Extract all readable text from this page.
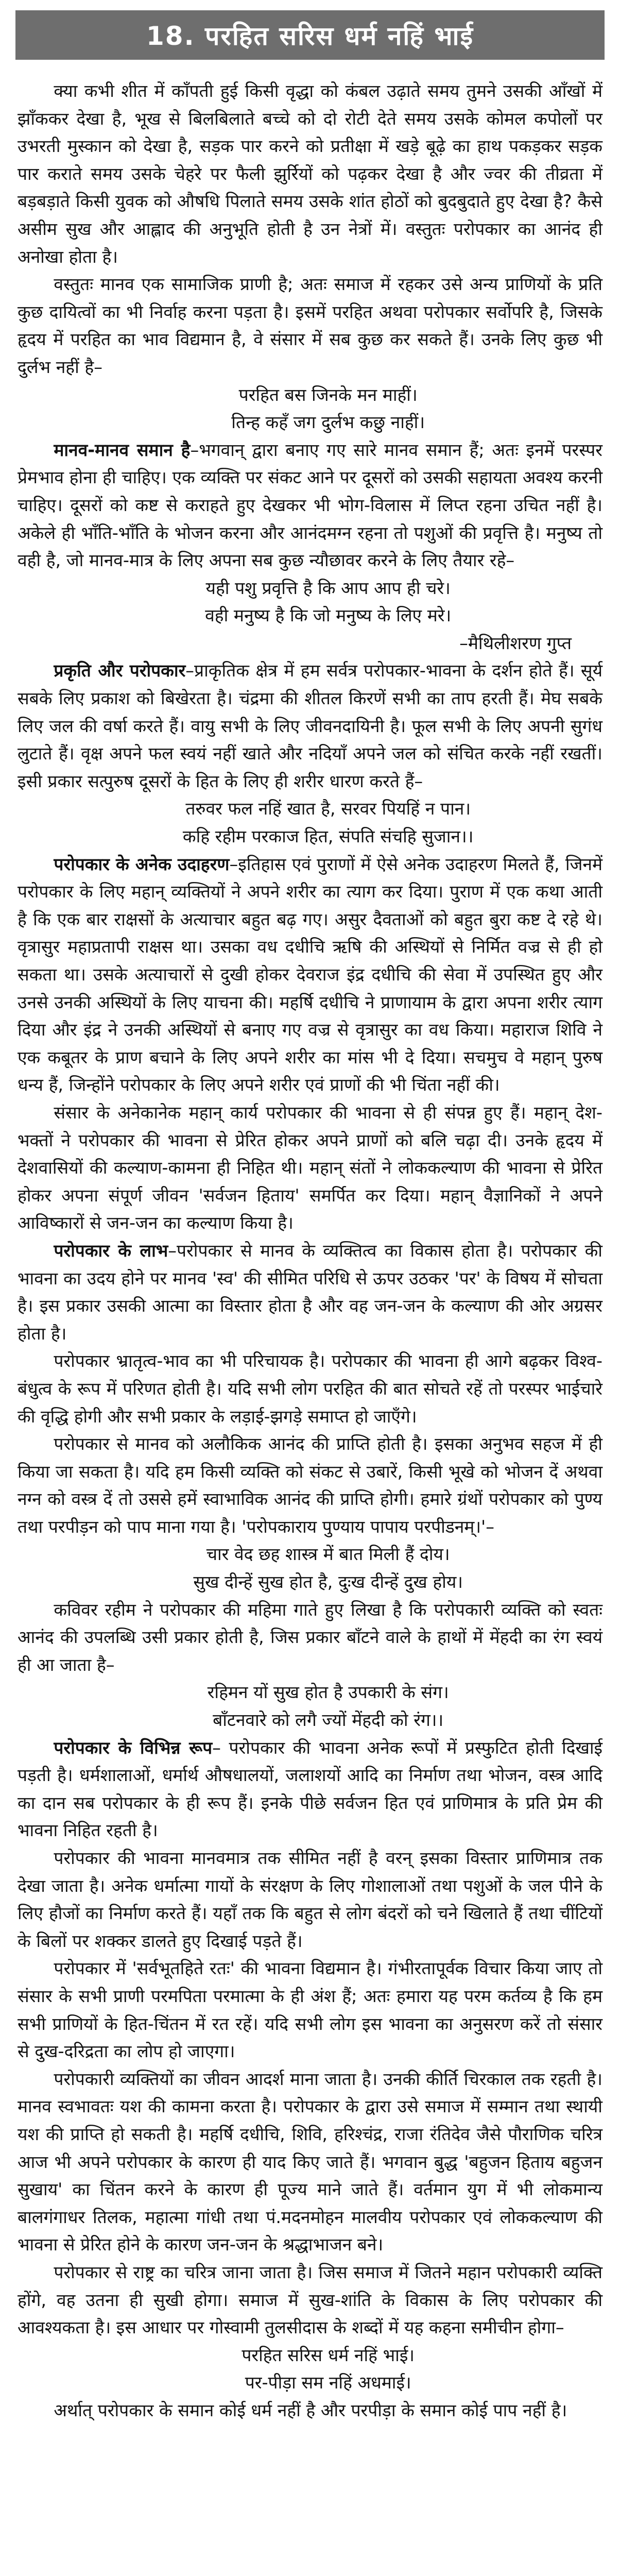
18. परहित सरिस धर्म नहिं भाई

क्या कभी शीत में काँपती हुई किसी वृद्धा को कंबल उढ़ाते समय तुमने उसकी आँखों में झाँककर देखा है, भूख से बिलबिलाते बच्चे को दो रोटी देते समय उसके कोमल कपोलों पर उभरती मुस्कान को देखा है, सड़क पार करने को प्रतीक्षा में खड़े बूढ़े का हाथ पकड़कर सड़क पार कराते समय उसके चेहरे पर फैली झुर्रियों को पढ़कर देखा है और ज्वर की तीव्रता में बड़बड़ाते किसी युवक को औषधि पिलाते समय उसके शांत होठों को बुदबुदाते हुए देखा है? कैसे असीम सुख और आह्लाद की अनुभूति होती है उन नेत्रों में। वस्तुतः परोपकार का आनंद ही अनोखा होता है।

वस्तुतः मानव एक सामाजिक प्राणी है; अतः समाज में रहकर उसे अन्य प्राणियों के प्रति कुछ दायित्वों का भी निर्वाह करना पड़ता है। इसमें परहित अथवा परोपकार सर्वोपरि है, जिसके हृदय में परहित का भाव विद्यमान है, वे संसार में सब कुछ कर सकते हैं। उनके लिए कुछ भी दुर्लभ नहीं है–

परहित बस जिनके मन माहीं।

तिन्ह कहँ जग दुर्लभ कछु नाहीं।

मानव-मानव समान है–भगवान् द्वारा बनाए गए सारे मानव समान हैं; अतः इनमें परस्पर प्रेमभाव होना ही चाहिए। एक व्यक्ति पर संकट आने पर दूसरों को उसकी सहायता अवश्य करनी चाहिए। दूसरों को कष्ट से कराहते हुए देखकर भी भोग-विलास में लिप्त रहना उचित नहीं है। अकेले ही भाँति-भाँति के भोजन करना और आनंदमग्न रहना तो पशुओं की प्रवृत्ति है। मनुष्य तो वही है, जो मानव-मात्र के लिए अपना सब कुछ न्यौछावर करने के लिए तैयार रहे–

यही पशु प्रवृत्ति है कि आप आप ही चरे।

वही मनुष्य है कि जो मनुष्य के लिए मरे।

–मैथिलीशरण गुप्त

प्रकृति और परोपकार–प्राकृतिक क्षेत्र में हम सर्वत्र परोपकार-भावना के दर्शन होते हैं। सूर्य सबके लिए प्रकाश को बिखेरता है। चंद्रमा की शीतल किरणें सभी का ताप हरती हैं। मेघ सबके लिए जल की वर्षा करते हैं। वायु सभी के लिए जीवनदायिनी है। फूल सभी के लिए अपनी सुगंध लुटाते हैं। वृक्ष अपने फल स्वयं नहीं खाते और नदियाँ अपने जल को संचित करके नहीं रखतीं। इसी प्रकार सत्पुरुष दूसरों के हित के लिए ही शरीर धारण करते हैं–

तरुवर फल नहिं खात है, सरवर पियहिं न पान।

कहि रहीम परकाज हित, संपति संचहि सुजान।।

परोपकार के अनेक उदाहरण–इतिहास एवं पुराणों में ऐसे अनेक उदाहरण मिलते हैं, जिनमें परोपकार के लिए महान् व्यक्तियों ने अपने शरीर का त्याग कर दिया। पुराण में एक कथा आती है कि एक बार राक्षसों के अत्याचार बहुत बढ़ गए। असुर दैवताओं को बहुत बुरा कष्ट दे रहे थे। वृत्रासुर महाप्रतापी राक्षस था। उसका वध दधीचि ऋषि की अस्थियों से निर्मित वज्र से ही हो सकता था। उसके अत्याचारों से दुखी होकर देवराज इंद्र दधीचि की सेवा में उपस्थित हुए और उनसे उनकी अस्थियों के लिए याचना की। महर्षि दधीचि ने प्राणायाम के द्वारा अपना शरीर त्याग दिया और इंद्र ने उनकी अस्थियों से बनाए गए वज्र से वृत्रासुर का वध किया। महाराज शिवि ने एक कबूतर के प्राण बचाने के लिए अपने शरीर का मांस भी दे दिया। सचमुच वे महान् पुरुष धन्य हैं, जिन्होंने परोपकार के लिए अपने शरीर एवं प्राणों की भी चिंता नहीं की।

संसार के अनेकानेक महान् कार्य परोपकार की भावना से ही संपन्न हुए हैं। महान् देश-भक्तों ने परोपकार की भावना से प्रेरित होकर अपने प्राणों को बलि चढ़ा दी। उनके हृदय में देशवासियों की कल्याण-कामना ही निहित थी। महान् संतों ने लोककल्याण की भावना से प्रेरित होकर अपना संपूर्ण जीवन 'सर्वजन हिताय' समर्पित कर दिया। महान् वैज्ञानिकों ने अपने आविष्कारों से जन-जन का कल्याण किया है।

परोपकार के लाभ–परोपकार से मानव के व्यक्तित्व का विकास होता है। परोपकार की भावना का उदय होने पर मानव 'स्व' की सीमित परिधि से ऊपर उठकर 'पर' के विषय में सोचता है। इस प्रकार उसकी आत्मा का विस्तार होता है और वह जन-जन के कल्याण की ओर अग्रसर होता है।

परोपकार भ्रातृत्व-भाव का भी परिचायक है। परोपकार की भावना ही आगे बढ़कर विश्व-बंधुत्व के रूप में परिणत होती है। यदि सभी लोग परहित की बात सोचते रहें तो परस्पर भाईचारे की वृद्धि होगी और सभी प्रकार के लड़ाई-झगड़े समाप्त हो जाएँगे।

परोपकार से मानव को अलौकिक आनंद की प्राप्ति होती है। इसका अनुभव सहज में ही किया जा सकता है। यदि हम किसी व्यक्ति को संकट से उबारें, किसी भूखे को भोजन दें अथवा नग्न को वस्त्र दें तो उससे हमें स्वाभाविक आनंद की प्राप्ति होगी। हमारे ग्रंथों परोपकार को पुण्य तथा परपीड़न को पाप माना गया है। 'परोपकाराय पुण्याय पापाय परपीडनम्।'–

चार वेद छह शास्त्र में बात मिली हैं दोय।

सुख दीन्हें सुख होत है, दुःख दीन्हें दुख होय।

कविवर रहीम ने परोपकार की महिमा गाते हुए लिखा है कि परोपकारी व्यक्ति को स्वतः आनंद की उपलब्धि उसी प्रकार होती है, जिस प्रकार बाँटने वाले के हाथों में मेंहदी का रंग स्वयं ही आ जाता है–

रहिमन यों सुख होत है उपकारी के संग।

बाँटनवारे को लगै ज्यों मेंहदी को रंग।।

परोपकार के विभिन्न रूप– परोपकार की भावना अनेक रूपों में प्रस्फुटित होती दिखाई पड़ती है। धर्मशालाओं, धर्मार्थ औषधालयों, जलाशयों आदि का निर्माण तथा भोजन, वस्त्र आदि का दान सब परोपकार के ही रूप हैं। इनके पीछे सर्वजन हित एवं प्राणिमात्र के प्रति प्रेम की भावना निहित रहती है।

परोपकार की भावना मानवमात्र तक सीमित नहीं है वरन् इसका विस्तार प्राणिमात्र तक देखा जाता है। अनेक धर्मात्मा गायों के संरक्षण के लिए गोशालाओं तथा पशुओं के जल पीने के लिए हौजों का निर्माण करते हैं। यहाँ तक कि बहुत से लोग बंदरों को चने खिलाते हैं तथा चींटियों के बिलों पर शक्कर डालते हुए दिखाई पड़ते हैं।

परोपकार में 'सर्वभूतहिते रतः' की भावना विद्यमान है। गंभीरतापूर्वक विचार किया जाए तो संसार के सभी प्राणी परमपिता परमात्मा के ही अंश हैं; अतः हमारा यह परम कर्तव्य है कि हम सभी प्राणियों के हित-चिंतन में रत रहें। यदि सभी लोग इस भावना का अनुसरण करें तो संसार से दुख-दरिद्रता का लोप हो जाएगा।

परोपकारी व्यक्तियों का जीवन आदर्श माना जाता है। उनकी कीर्ति चिरकाल तक रहती है। मानव स्वभावतः यश की कामना करता है। परोपकार के द्वारा उसे समाज में सम्मान तथा स्थायी यश की प्राप्ति हो सकती है। महर्षि दधीचि, शिवि, हरिश्चंद्र, राजा रंतिदेव जैसे पौराणिक चरित्र आज भी अपने परोपकार के कारण ही याद किए जाते हैं। भगवान बुद्ध 'बहुजन हिताय बहुजन सुखाय' का चिंतन करने के कारण ही पूज्य माने जाते हैं। वर्तमान युग में भी लोकमान्य बालगंगाधर तिलक, महात्मा गांधी तथा पं.मदनमोहन मालवीय परोपकार एवं लोककल्याण की भावना से प्रेरित होने के कारण जन-जन के श्रद्धाभाजन बने।

परोपकार से राष्ट्र का चरित्र जाना जाता है। जिस समाज में जितने महान परोपकारी व्यक्ति होंगे, वह उतना ही सुखी होगा। समाज में सुख-शांति के विकास के लिए परोपकार की आवश्यकता है। इस आधार पर गोस्वामी तुलसीदास के शब्दों में यह कहना समीचीन होगा–

परहित सरिस धर्म नहिं भाई।

पर-पीड़ा सम नहिं अधमाई।

अर्थात् परोपकार के समान कोई धर्म नहीं है और परपीड़ा के समान कोई पाप नहीं है।
